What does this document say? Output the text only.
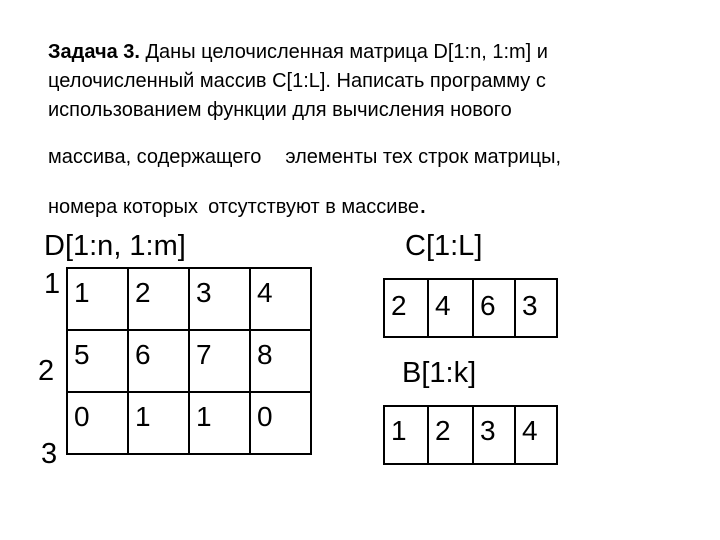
Задача 3. Даны целочисленная матрица D[1:n, 1:m] и
целочисленный массив C[1:L]. Написать программу с
использованием функции для вычисления нового
массива, содержащего элементы тех строк матрицы,
номера которых отсутствуют в массиве.
D[1:n, 1:m]
1
2
3
1	2	3	4
5	6	7	8
0	1	1	0
C[1:L]
2	4	6	3
B[1:k]
1	2	3	4
